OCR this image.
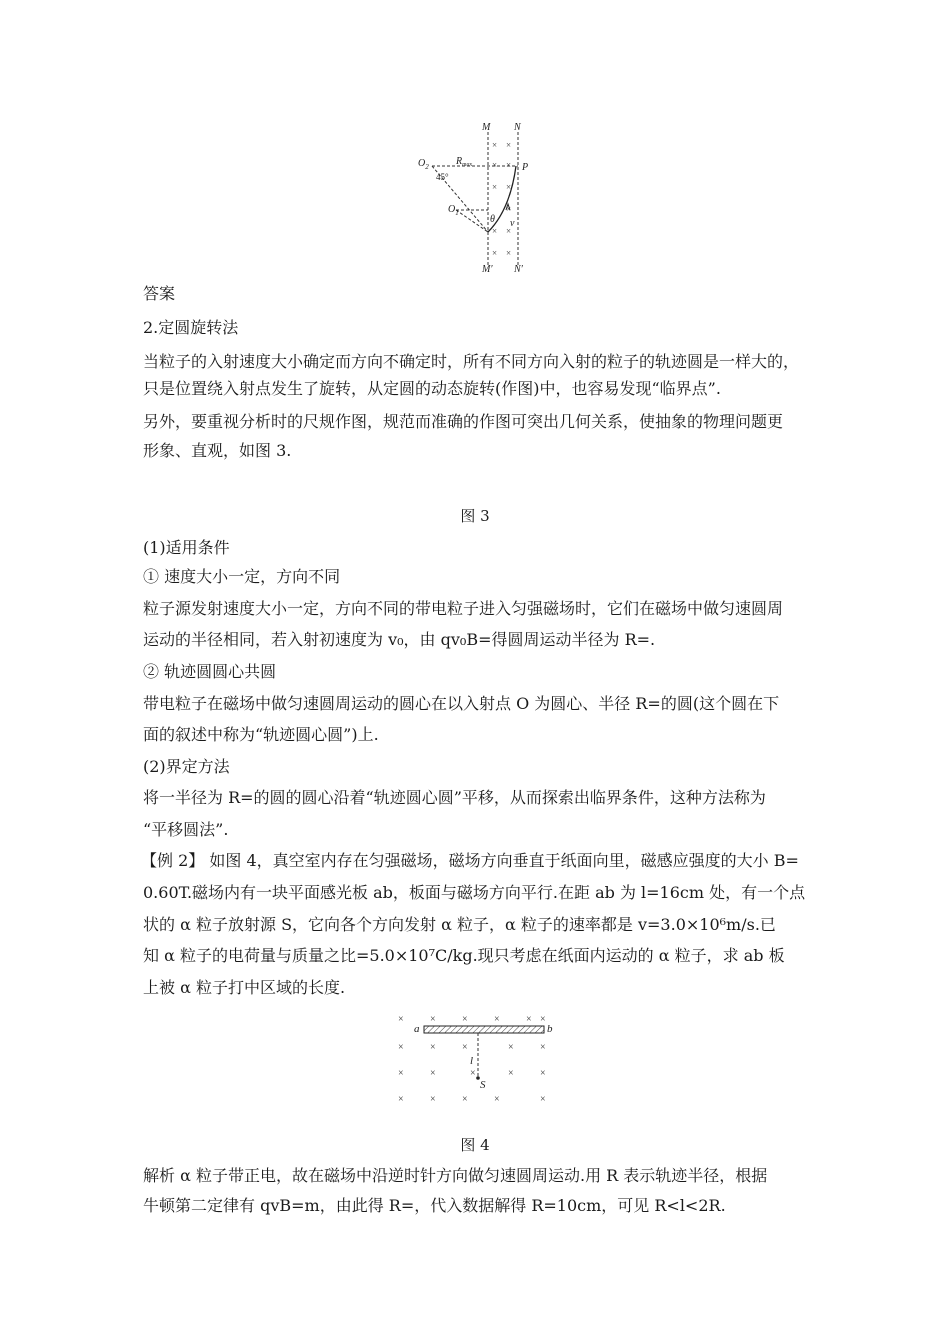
× ×
× ×
× ×
×
× ×
× ×
M N
$O_2$	$R_{max}$	P
45°
$O_1$
θ v
M′ N′
答案
2.定圆旋转法
当粒子的入射速度大小确定而方向不确定时，所有不同方向入射的粒子的轨迹圆是一样大的，
只是位置绕入射点发生了旋转，从定圆的动态旋转(作图)中，也容易发现“临界点”.
另外，要重视分析时的尺规作图，规范而准确的作图可突出几何关系，使抽象的物理问题更
形象、直观，如图 3.
图 3
(1)适用条件
① 速度大小一定，方向不同
粒子源发射速度大小一定，方向不同的带电粒子进入匀强磁场时，它们在磁场中做匀速圆周
运动的半径相同，若入射初速度为 v₀，由 qv₀B=得圆周运动半径为 R=.
② 轨迹圆圆心共圆
带电粒子在磁场中做匀速圆周运动的圆心在以入射点 O 为圆心、半径 R=的圆(这个圆在下
面的叙述中称为“轨迹圆心圆”)上.
(2)界定方法
将一半径为 R=的圆的圆心沿着“轨迹圆心圆”平移，从而探索出临界条件，这种方法称为
“平移圆法”.
【例 2】 如图 4，真空室内存在匀强磁场，磁场方向垂直于纸面向里，磁感应强度的大小 B=
0.60T.磁场内有一块平面感光板 ab，板面与磁场方向平行.在距 ab 为 l=16cm 处，有一个点
状的 α 粒子放射源 S，它向各个方向发射 α 粒子，α 粒子的速率都是 v=3.0×10⁶m/s.已
知 α 粒子的电荷量与质量之比=5.0×10⁷C/kg.现只考虑在纸面内运动的 α 粒子，求 ab 板
上被 α 粒子打中区域的长度.
×	×	×	×	× ×
×	×	×	×	×
×	×	×	×	×
×	×	×	×	×
a	b
l
S
图 4
解析 α 粒子带正电，故在磁场中沿逆时针方向做匀速圆周运动.用 R 表示轨迹半径，根据
牛顿第二定律有 qvB=m，由此得 R=，代入数据解得 R=10cm，可见 R<l<2R.
